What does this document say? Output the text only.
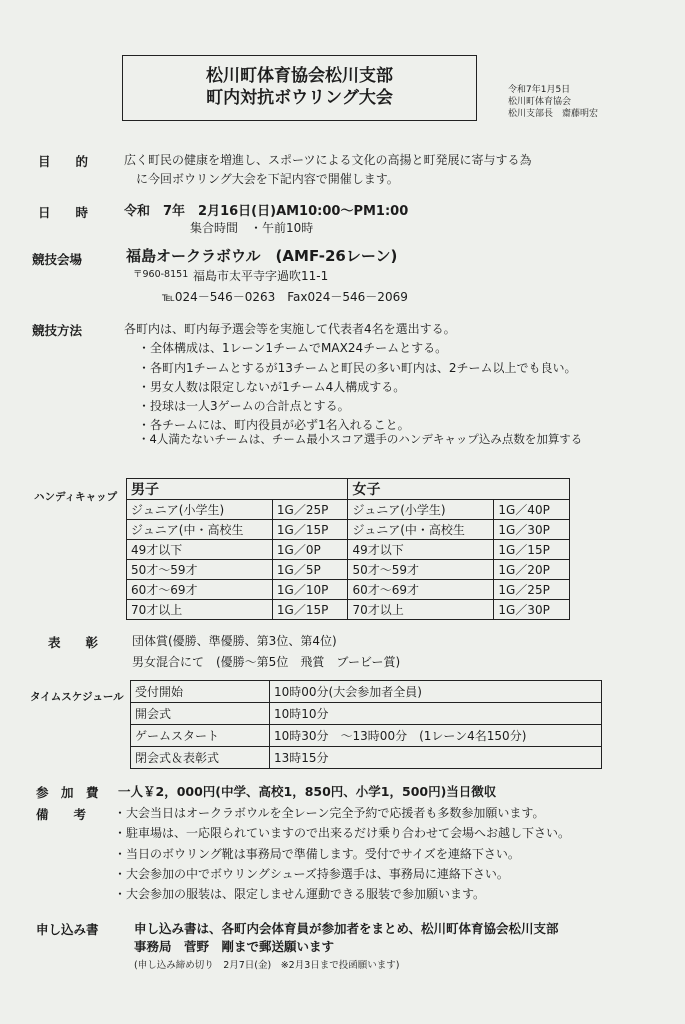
松川町体育協会松川支部
町内対抗ボウリング大会	令和7年1月5日
松川町体育協会
松川支部長　齋藤明宏
目　　的	広く町民の健康を増進し、スポーツによる文化の高揚と町発展に寄与する為
に今回ボウリング大会を下記内容で開催します。
日　　時	令和　7年　2月16日(日)AM10:00～PM1:00
集合時間　・午前10時
競技会場	福島オークラボウル　(AMF-26レーン)
〒960-8151 福島市太平寺字過吹11-1
℡024－546－0263　Fax024－546－2069
競技方法	各町内は、町内毎予選会等を実施して代表者4名を選出する。
・全体構成は、1レーン1チームでMAX24チームとする。
・各町内1チームとするが13チームと町民の多い町内は、2チーム以上でも良い。
・男女人数は限定しないが1チーム4人構成する。
・投球は一人3ゲームの合計点とする。
・各チームには、町内役員が必ず1名入れること。
・4人満たないチームは、チーム最小スコア選手のハンデキャップ込み点数を加算する
ハンディキャップ 男子		女子	
ジュニア(小学生)	1G／25P	ジュニア(小学生)	1G／40P
ジュニア(中・高校生	1G／15P	ジュニア(中・高校生	1G／30P
49才以下	1G／0P	49才以下	1G／15P
50才～59才	1G／5P	50才～59才	1G／20P
60才～69才	1G／10P	60才～69才	1G／25P
70才以上	1G／15P	70才以上	1G／30P
表　　彰	団体賞(優勝、準優勝、第3位、第4位)
男女混合にて　(優勝～第5位　飛賞　ブービー賞)
タイムスケジュール 受付開始	10時00分(大会参加者全員)
開会式	10時10分
ゲームスタート	10時30分　～13時00分　(1レーン4名150分)
閉会式＆表彰式	13時15分
参　加　費 一人￥2，000円(中学、高校1，850円、小学1，500円)当日徴収
備　　考 ・大会当日はオークラボウルを全レーン完全予約で応援者も多数参加願います。
・駐車場は、一応限られていますので出来るだけ乗り合わせて会場へお越し下さい。
・当日のボウリング靴は事務局で準備します。受付でサイズを連絡下さい。
・大会参加の中でボウリングシューズ持参選手は、事務局に連絡下さい。
・大会参加の服装は、限定しません運動できる服装で参加願います。
申し込み書	申し込み書は、各町内会体育員が参加者をまとめ、松川町体育協会松川支部
事務局　菅野　剛まで郵送願います
(申し込み締め切り　2月7日(金)　※2月3日まで投函願います)
